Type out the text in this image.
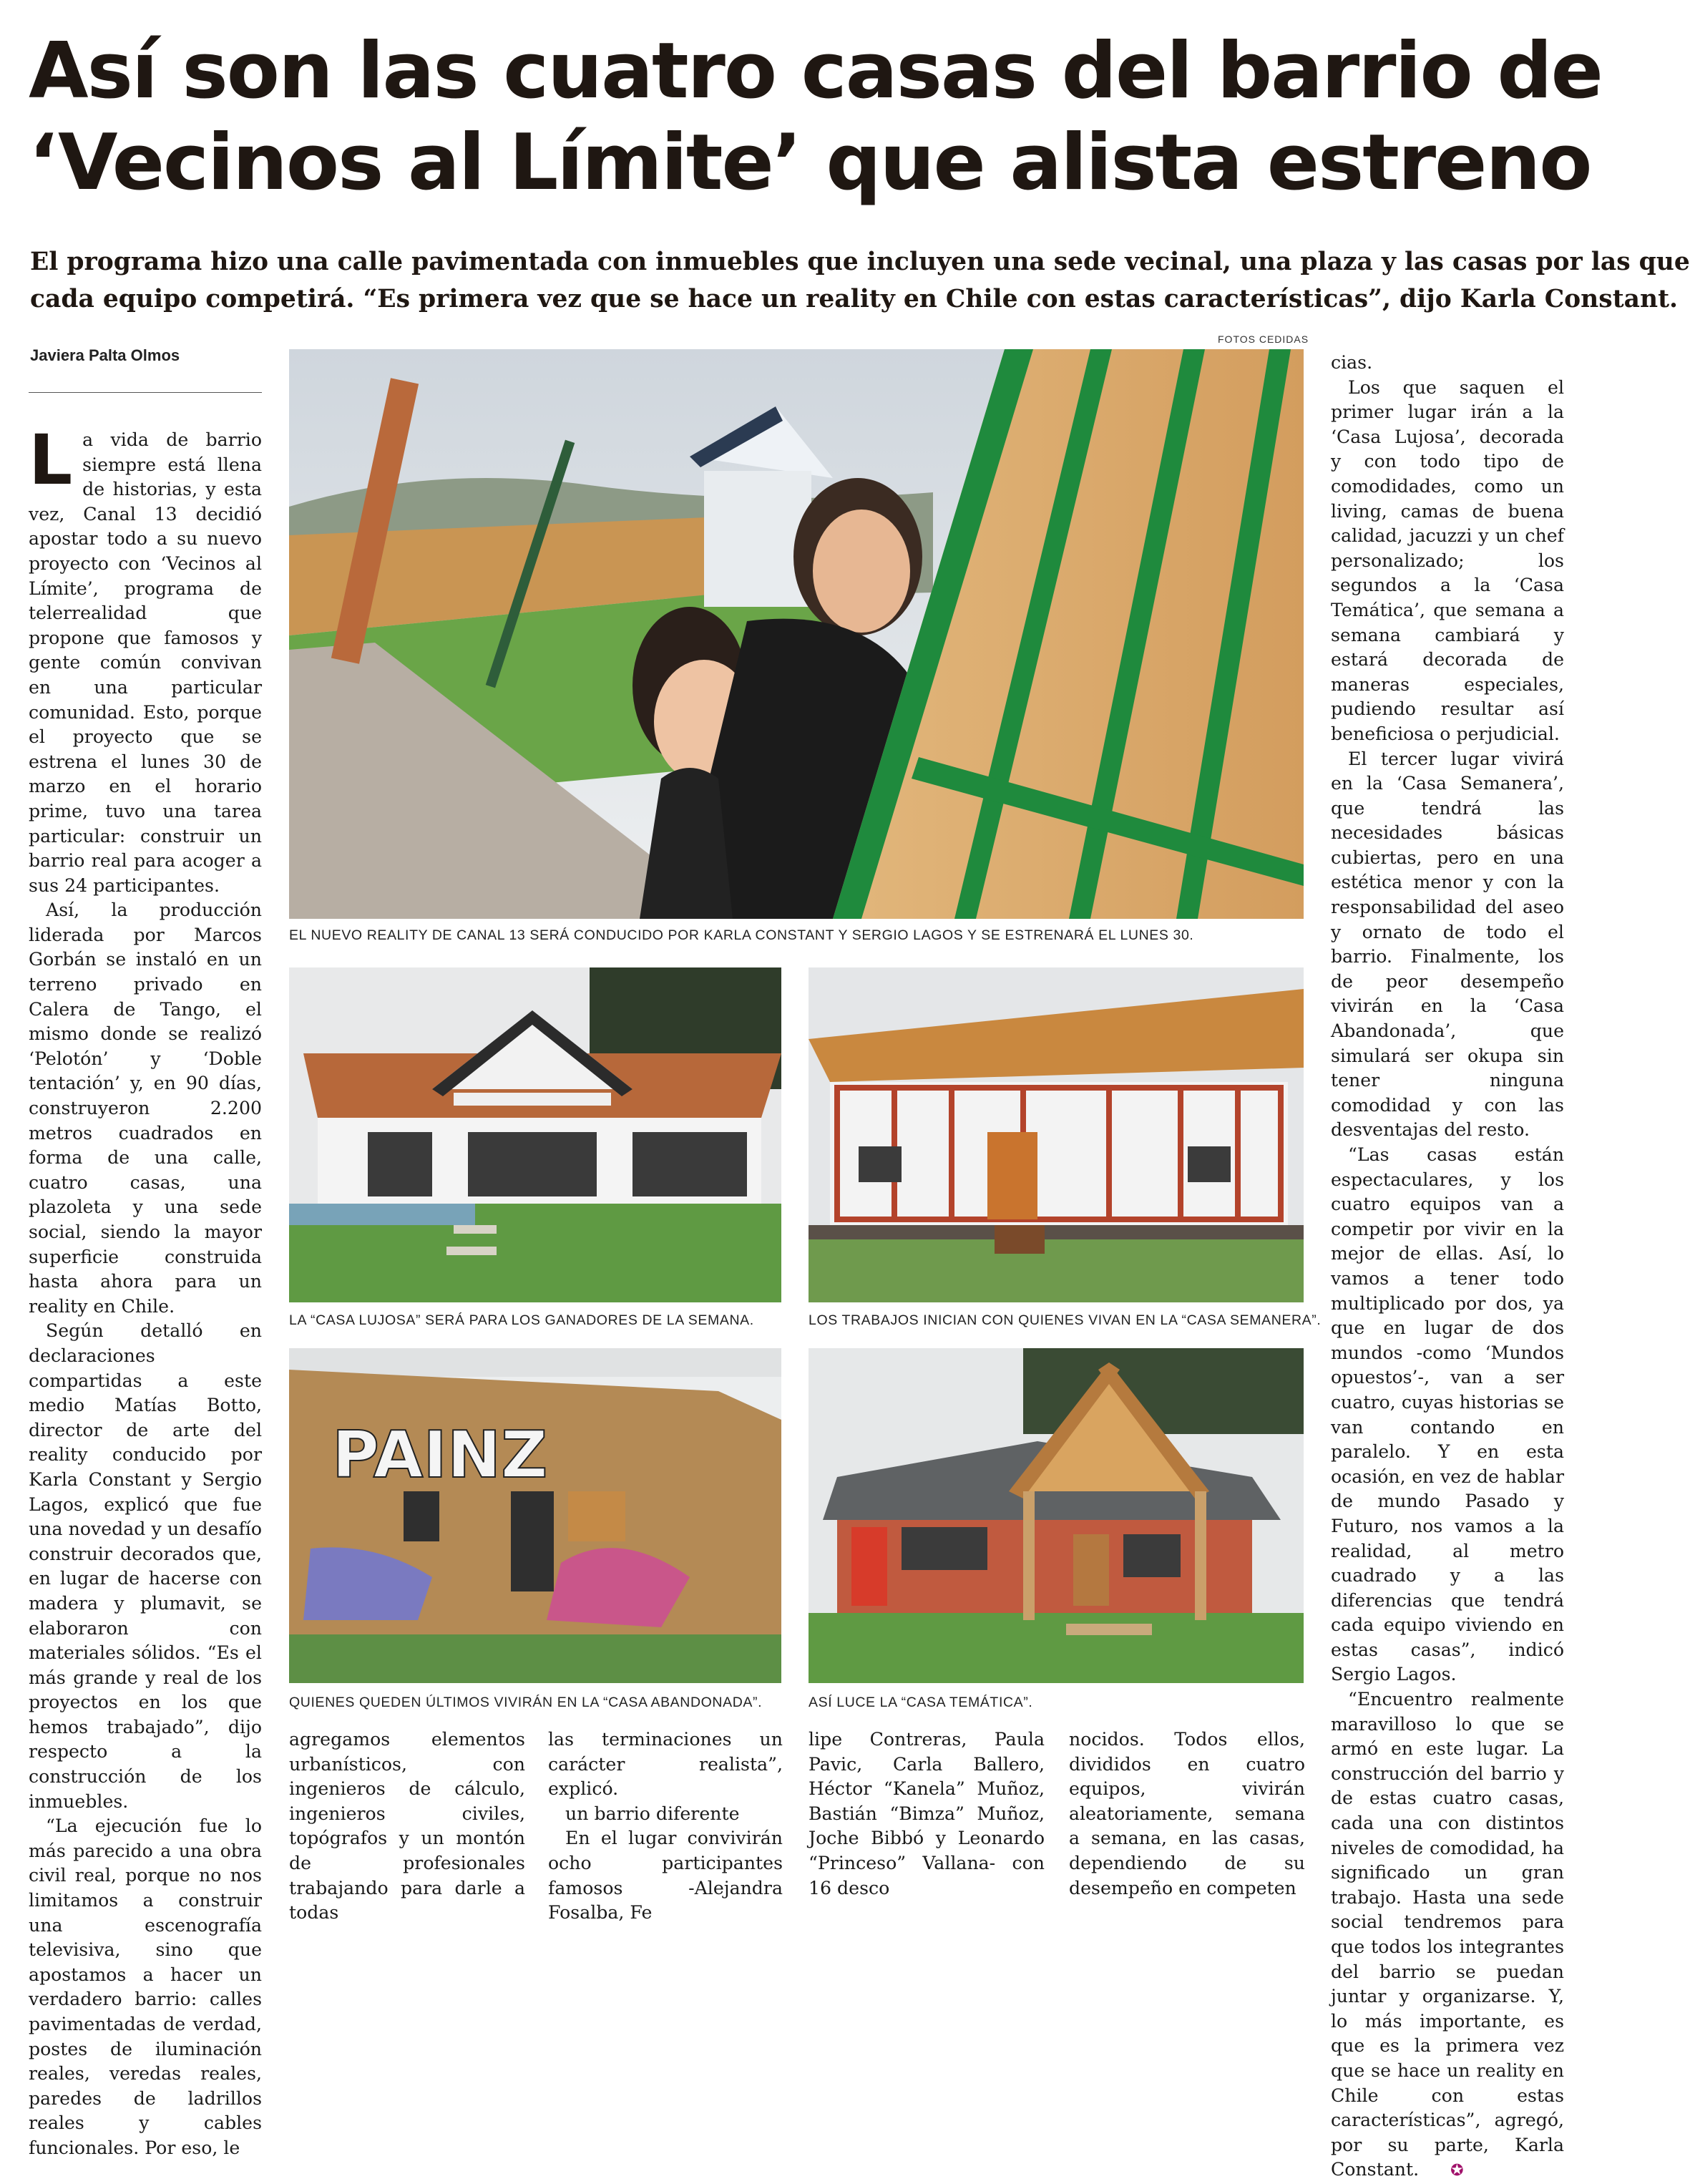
Así son las cuatro casas del barrio de
‘Vecinos al Límite’ que alista estreno
El programa hizo una calle pavimentada con inmuebles que incluyen una sede vecinal, una plaza y las casas por las que
cada equipo competirá. “Es primera vez que se hace un reality en Chile con estas características”, dijo Karla Constant.
Javiera Palta Olmos
FOTOS CEDIDAS

La vida de barrio siempre está llena de historias, y esta vez, Canal 13 decidió apostar todo a su nuevo proyecto con ‘Vecinos al Límite’, programa de telerrealidad que propone que famosos y gente común convivan en una particular comunidad. Esto, porque el proyecto que se estrena el lunes 30 de marzo en el horario prime, tuvo una tarea particular: construir un barrio real para acoger a sus 24 participantes.

Así, la producción liderada por Marcos Gorbán se instaló en un terreno privado en Calera de Tango, el mismo donde se realizó ‘Pelotón’ y ‘Doble tentación’ y, en 90 días, construyeron 2.200 metros cuadrados en forma de una calle, cuatro casas, una plazoleta y una sede social, siendo la mayor superficie construida hasta ahora para un reality en Chile.

Según detalló en declaraciones compartidas a este medio Matías Botto, director de arte del reality conducido por Karla Constant y Sergio Lagos, explicó que fue una novedad y un desafío construir decorados que, en lugar de hacerse con madera y plumavit, se elaboraron con materiales sólidos. “Es el más grande y real de los proyectos en los que hemos trabajado”, dijo respecto a la construcción de los inmuebles.

“La ejecución fue lo más parecido a una obra civil real, porque no nos limitamos a construir una escenografía televisiva, sino que apostamos a hacer un verdadero barrio: calles pavimentadas de verdad, postes de iluminación reales, veredas reales, paredes de ladrillos reales y cables funcionales. Por eso, le

agregamos elementos urbanísticos, con ingenieros de cálculo, ingenieros civiles, topógrafos y un montón de profesionales trabajando para darle a todas

las terminaciones un carácter realista”, explicó.

un barrio diferente

En el lugar convivirán ocho participantes famosos -Alejandra Fosalba, Fe

lipe Contreras, Paula Pavic, Carla Ballero, Héctor “Kanela” Muñoz, Bastián “Bimza” Muñoz, Joche Bibbó y Leonardo “Princeso” Vallana- con 16 desco

nocidos. Todos ellos, divididos en cuatro equipos, vivirán aleatoriamente, semana a semana, en las casas, dependiendo de su desempeño en competen

cias.

Los que saquen el primer lugar irán a la ‘Casa Lujosa’, decorada y con todo tipo de comodidades, como un living, camas de buena calidad, jacuzzi y un chef personalizado; los segundos a la ‘Casa Temática’, que semana a semana cambiará y estará decorada de maneras especiales, pudiendo resultar así beneficiosa o perjudicial.

El tercer lugar vivirá en la ‘Casa Semanera’, que tendrá las necesidades básicas cubiertas, pero en una estética menor y con la responsabilidad del aseo y ornato de todo el barrio. Finalmente, los de peor desempeño vivirán en la ‘Casa Abandonada’, que simulará ser okupa sin tener ninguna comodidad y con las desventajas del resto.

“Las casas están espectaculares, y los cuatro equipos van a competir por vivir en la mejor de ellas. Así, lo vamos a tener todo multiplicado por dos, ya que en lugar de dos mundos -como ‘Mundos opuestos’-, van a ser cuatro, cuyas historias se van contando en paralelo. Y en esta ocasión, en vez de hablar de mundo Pasado y Futuro, nos vamos a la realidad, al metro cuadrado y a las diferencias que tendrá cada equipo viviendo en estas casas”, indicó Sergio Lagos.

“Encuentro realmente maravilloso lo que se armó en este lugar. La construcción del barrio y de estas cuatro casas, cada una con distintos niveles de comodidad, ha significado un gran trabajo. Hasta una sede social tendremos para que todos los integrantes del barrio se puedan juntar y organizarse. Y, lo más importante, es que es la primera vez que se hace un reality en Chile con estas características”, agregó, por su parte, Karla Constant. ✪

EL NUEVO REALITY DE CANAL 13 SERÁ CONDUCIDO POR KARLA CONSTANT Y SERGIO LAGOS Y SE ESTRENARÁ EL LUNES 30.
LA “CASA LUJOSA” SERÁ PARA LOS GANADORES DE LA SEMANA.	LOS TRABAJOS INICIAN CON QUIENES VIVAN EN LA “CASA SEMANERA”.
PAINZ
QUIENES QUEDEN ÚLTIMOS VIVIRÁN EN LA “CASA ABANDONADA”.	ASÍ LUCE LA “CASA TEMÁTICA”.
